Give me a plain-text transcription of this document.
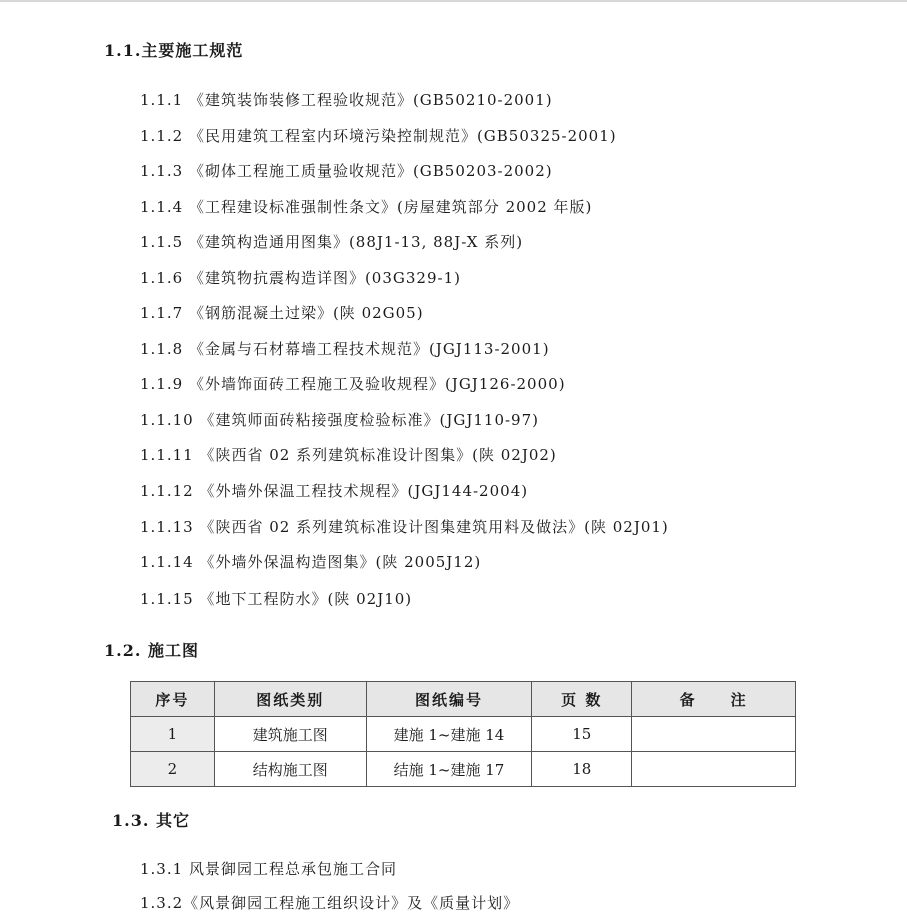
1.1.主要施工规范
1.1.1 《建筑装饰装修工程验收规范》(GB50210-2001)
1.1.2 《民用建筑工程室内环境污染控制规范》(GB50325-2001)
1.1.3 《砌体工程施工质量验收规范》(GB50203-2002)
1.1.4 《工程建设标准强制性条文》(房屋建筑部分 2002 年版)
1.1.5 《建筑构造通用图集》(88J1-13, 88J-X 系列)
1.1.6 《建筑物抗震构造详图》(03G329-1)
1.1.7 《钢筋混凝土过梁》(陕 02G05)
1.1.8 《金属与石材幕墙工程技术规范》(JGJ113-2001)
1.1.9 《外墙饰面砖工程施工及验收规程》(JGJ126-2000)
1.1.10 《建筑师面砖粘接强度检验标准》(JGJ110-97)
1.1.11 《陕西省 02 系列建筑标准设计图集》(陕 02J02)
1.1.12 《外墙外保温工程技术规程》(JGJ144-2004)
1.1.13 《陕西省 02 系列建筑标准设计图集建筑用料及做法》(陕 02J01)
1.1.14 《外墙外保温构造图集》(陕 2005J12)
1.1.15 《地下工程防水》(陕 02J10)
1.2. 施工图
序号	图纸类别	图纸编号	页 数	备　　注
1	建筑施工图	建施 1~建施 14	15	
2	结构施工图	结施 1~建施 17	18	
1.3. 其它
1.3.1 风景御园工程总承包施工合同
1.3.2《风景御园工程施工组织设计》及《质量计划》
